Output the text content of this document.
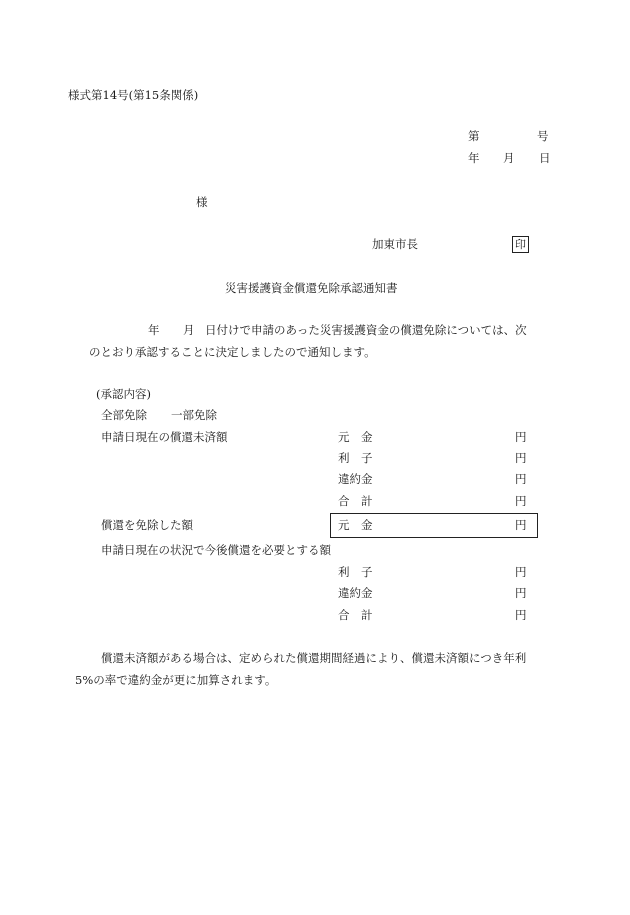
様式第14号(第15条関係)
第	号
年 月 日
様
加東市長	印
災害援護資金償還免除承認通知書
年 月 日付けで申請のあった災害援護資金の償還免除については、次
のとおり承認することに決定しましたので通知します。
(承認内容)
全部免除 一部免除
申請日現在の償還未済額	元　金	円
利　子	円
違約金	円
合　計	円
償還を免除した額	元　金	円
申請日現在の状況で今後償還を必要とする額
利　子	円
違約金	円
合　計	円
償還未済額がある場合は、定められた償還期間経過により、償還未済額につき年利
5%の率で違約金が更に加算されます。
